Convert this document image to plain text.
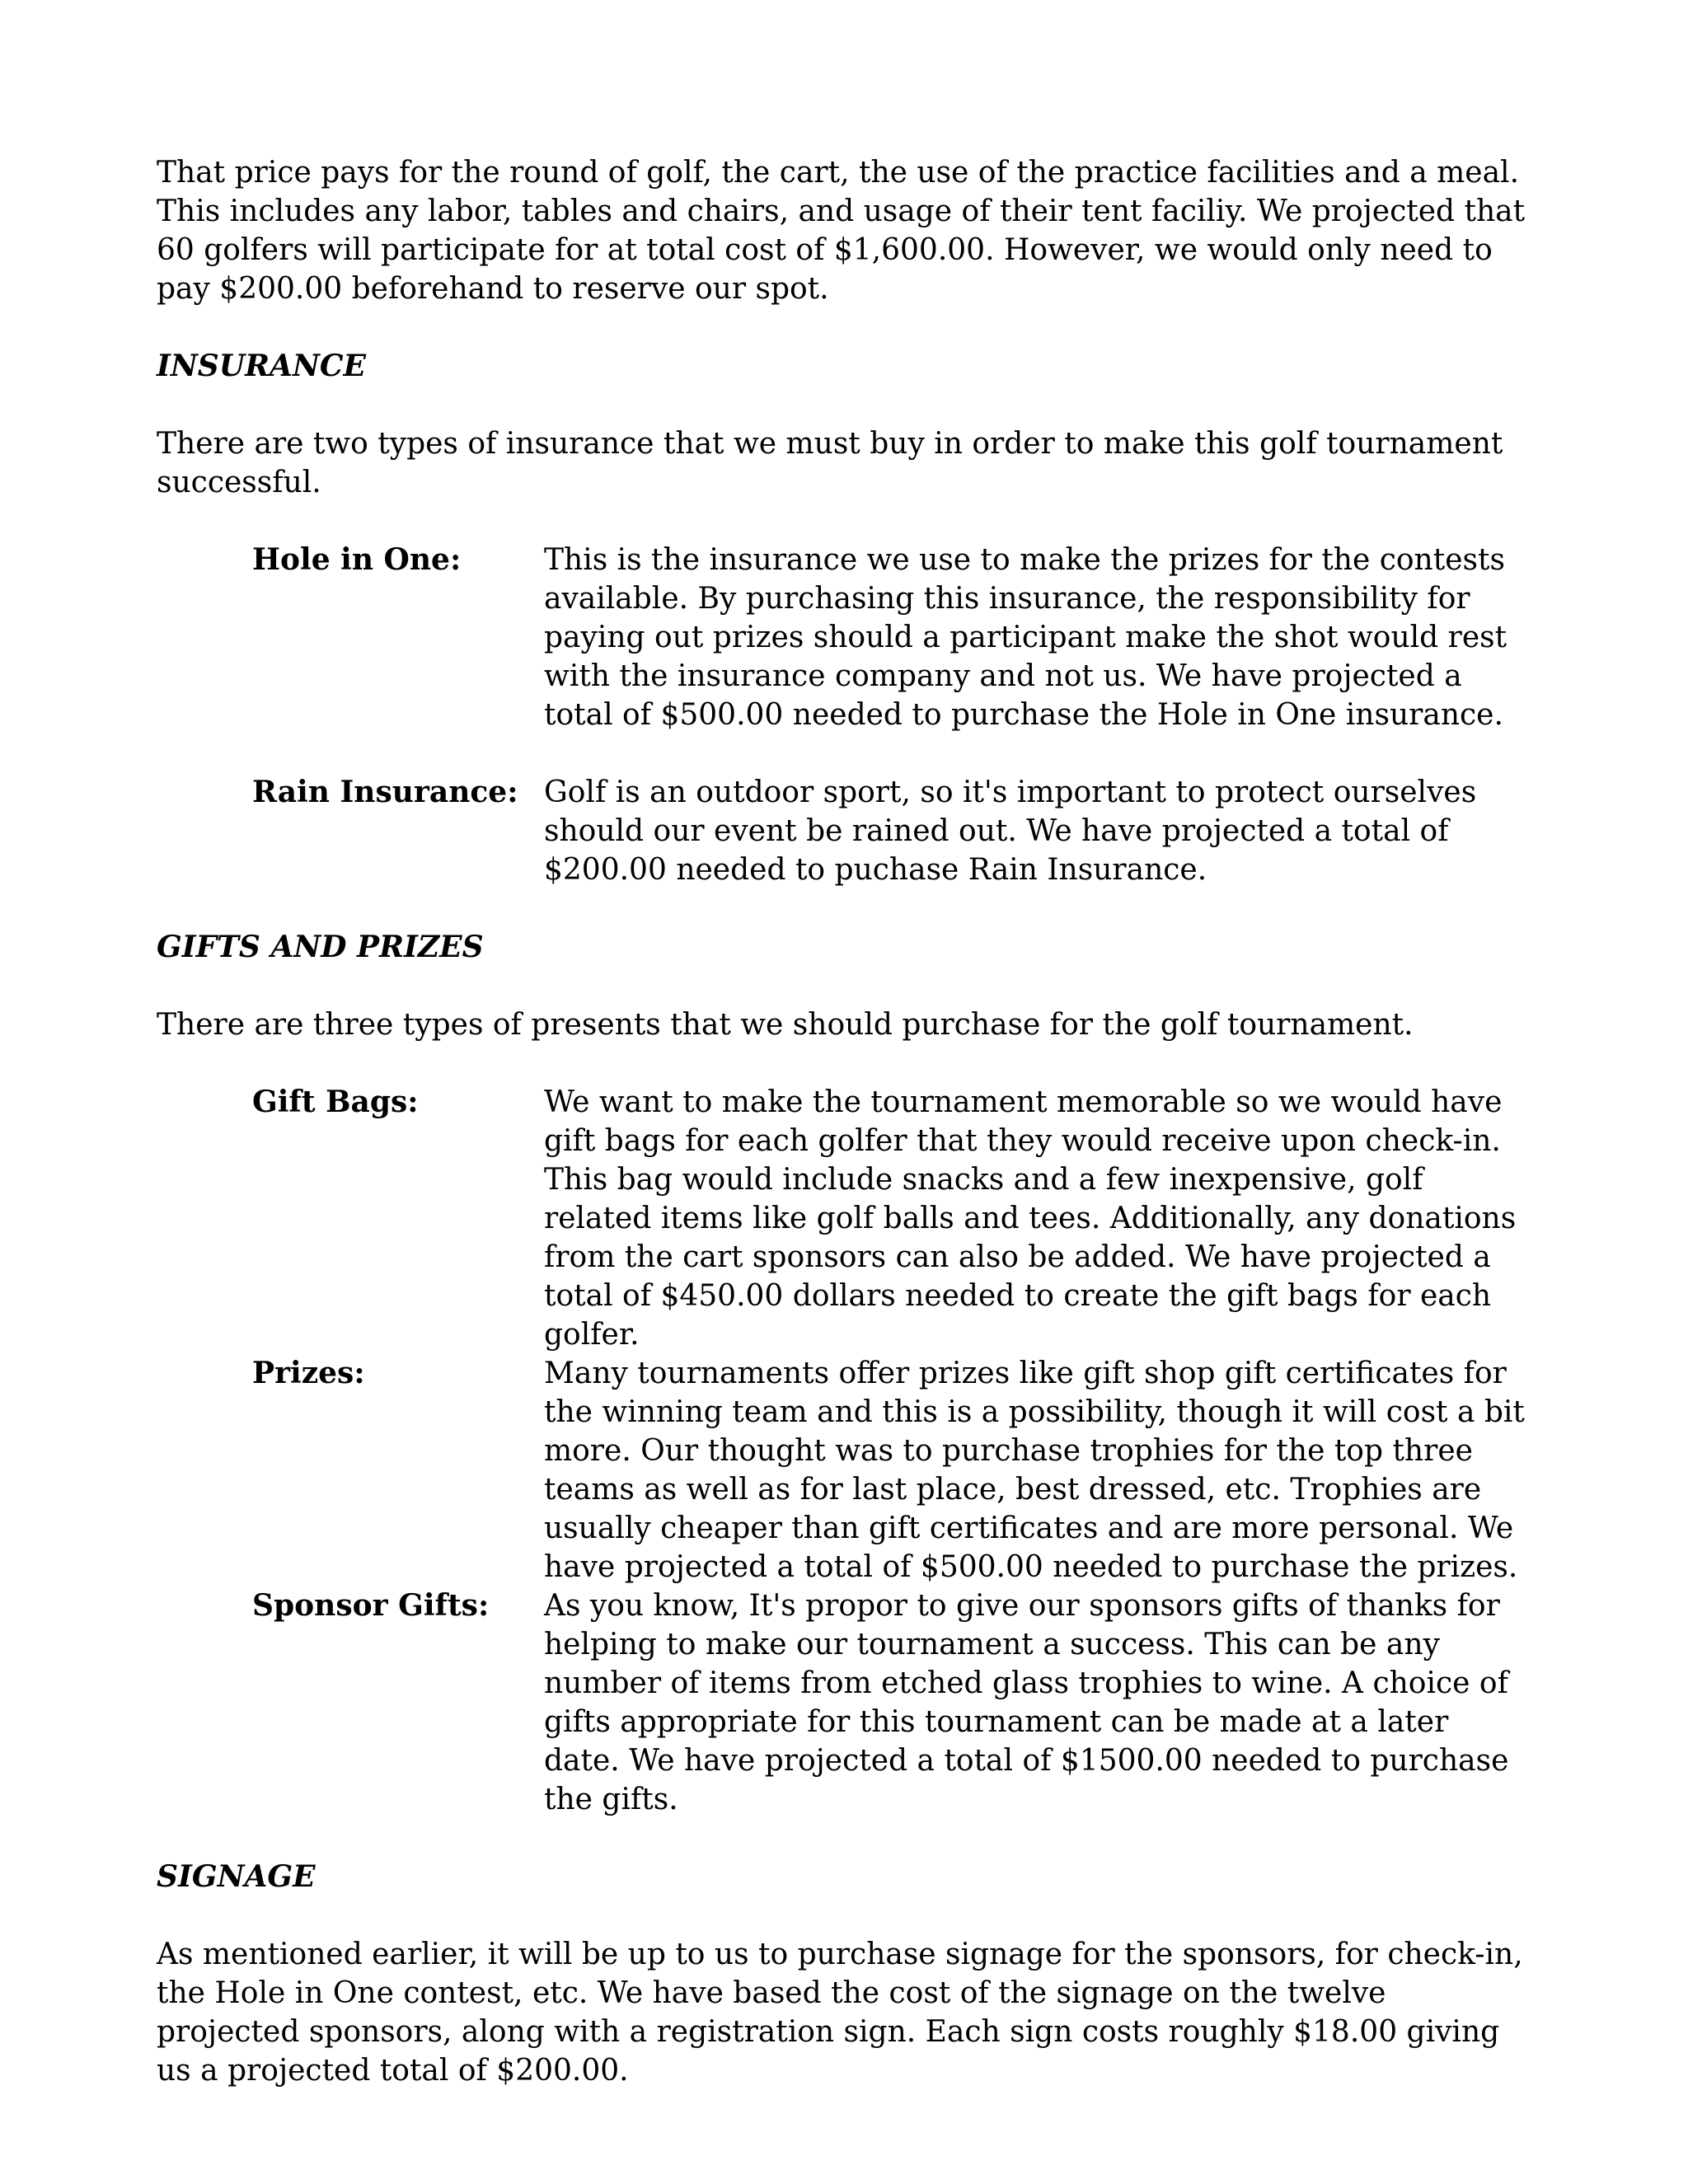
That price pays for the round of golf, the cart, the use of the practice facilities and a meal. This includes any labor, tables and chairs, and usage of their tent faciliy. We projected that 60 golfers will participate for at total cost of $1,600.00. However, we would only need to pay $200.00 beforehand to reserve our spot.

INSURANCE

There are two types of insurance that we must buy in order to make this golf tournament successful.

Hole in One:	This is the insurance we use to make the prizes for the contests available. By purchasing this insurance, the responsibility for paying out prizes should a participant make the shot would rest with the insurance company and not us. We have projected a total of $500.00 needed to purchase the Hole in One insurance.
Rain Insurance: Golf is an outdoor sport, so it's important to protect ourselves should our event be rained out. We have projected a total of $200.00 needed to puchase Rain Insurance.

GIFTS AND PRIZES

There are three types of presents that we should purchase for the golf tournament.

Gift Bags:	We want to make the tournament memorable so we would have gift bags for each golfer that they would receive upon check-in. This bag would include snacks and a few inexpensive, golf related items like golf balls and tees. Additionally, any donations from the cart sponsors can also be added. We have projected a total of $450.00 dollars needed to create the gift bags for each golfer.
Prizes:	Many tournaments offer prizes like gift shop gift certificates for the winning team and this is a possibility, though it will cost a bit more. Our thought was to purchase trophies for the top three teams as well as for last place, best dressed, etc. Trophies are usually cheaper than gift certificates and are more personal. We have projected a total of $500.00 needed to purchase the prizes.
Sponsor Gifts:	As you know, It's propor to give our sponsors gifts of thanks for helping to make our tournament a success. This can be any number of items from etched glass trophies to wine. A choice of gifts appropriate for this tournament can be made at a later date. We have projected a total of $1500.00 needed to purchase the gifts.

SIGNAGE

As mentioned earlier, it will be up to us to purchase signage for the sponsors, for check-in, the Hole in One contest, etc. We have based the cost of the signage on the twelve projected sponsors, along with a registration sign. Each sign costs roughly $18.00 giving us a projected total of $200.00.
